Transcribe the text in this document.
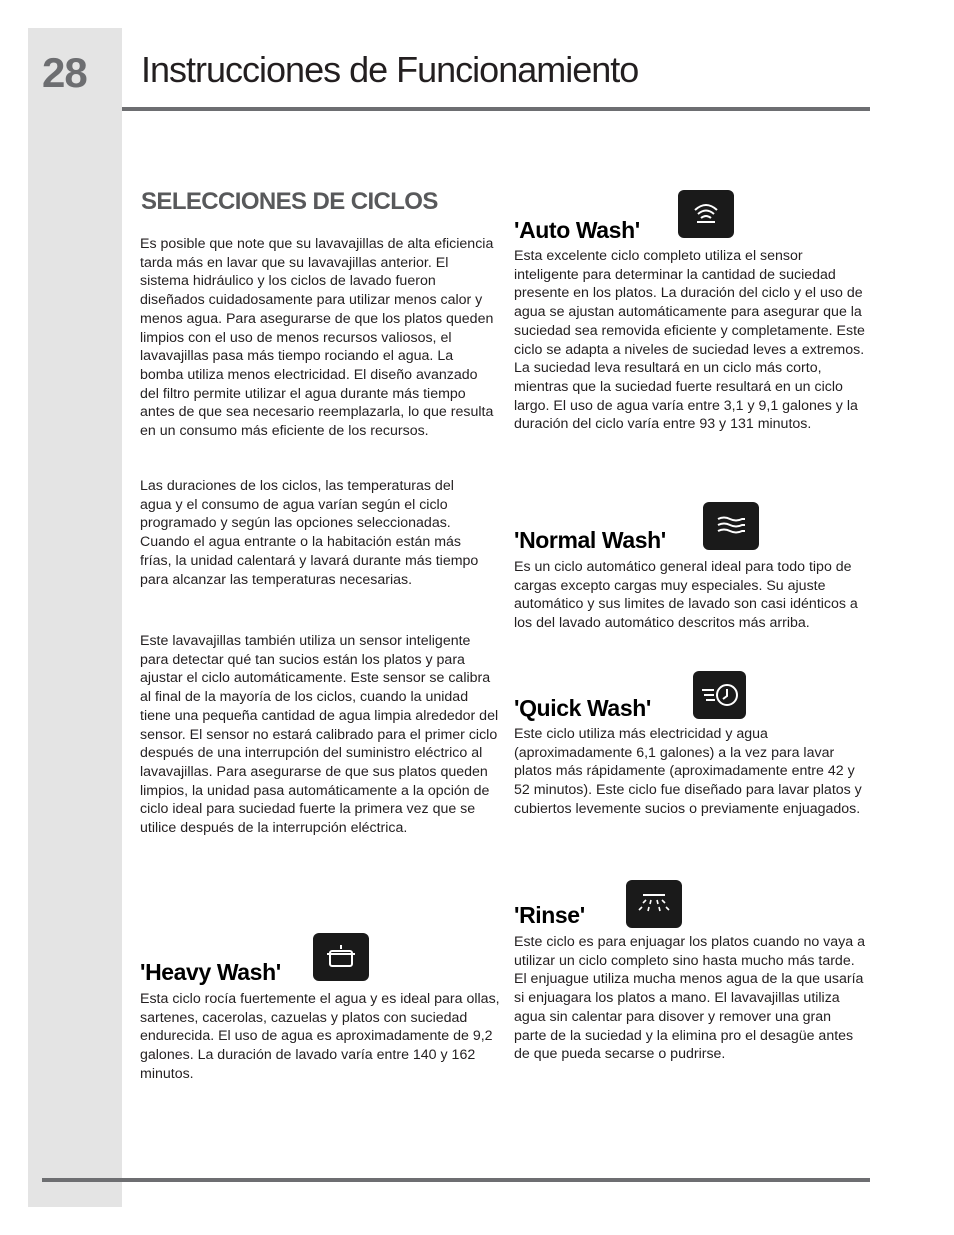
28 Instrucciones de Funcionamiento
SELECCIONES DE CICLOS

Es posible que note que su lavavajillas de alta eficiencia tarda más en lavar que su lavavajillas anterior. El sistema hidráulico y los ciclos de lavado fueron diseñados cuidadosamente para utilizar menos calor y menos agua. Para asegurarse de que los platos queden limpios con el uso de menos recursos valiosos, el lavavajillas pasa más tiempo rociando el agua. La bomba utiliza menos electricidad. El diseño avanzado del filtro permite utilizar el agua durante más tiempo antes de que sea necesario reemplazarla, lo que resulta en un consumo más eficiente de los recursos.

Las duraciones de los ciclos, las temperaturas del agua y el consumo de agua varían según el ciclo programado y según las opciones seleccionadas. Cuando el agua entrante o la habitación están más frías, la unidad calentará y lavará durante más tiempo para alcanzar las temperaturas necesarias.

Este lavavajillas también utiliza un sensor inteligente para detectar qué tan sucios están los platos y para ajustar el ciclo automáticamente. Este sensor se calibra al final de la mayoría de los ciclos, cuando la unidad tiene una pequeña cantidad de agua limpia alrededor del sensor. El sensor no estará calibrado para el primer ciclo después de una interrupción del suministro eléctrico al lavavajillas. Para asegurarse de que sus platos queden limpios, la unidad pasa automáticamente a la opción de ciclo ideal para suciedad fuerte la primera vez que se utilice después de la interrupción eléctrica.

'Heavy Wash'

Esta ciclo rocía fuertemente el agua y es ideal para ollas, sartenes, cacerolas, cazuelas y platos con suciedad endurecida. El uso de agua es aproximadamente de 9,2 galones. La duración de lavado varía entre 140 y 162 minutos.

'Auto Wash'

Esta excelente ciclo completo utiliza el sensor inteligente para determinar la cantidad de suciedad presente en los platos. La duración del ciclo y el uso de agua se ajustan automáticamente para asegurar que la suciedad sea removida eficiente y completamente. Este ciclo se adapta a niveles de suciedad leves a extremos. La suciedad leva resultará en un ciclo más corto, mientras que la suciedad fuerte resultará en un ciclo largo. El uso de agua varía entre 3,1 y 9,1 galones y la duración del ciclo varía entre 93 y 131 minutos.

'Normal Wash'

Es un ciclo automático general ideal para todo tipo de cargas excepto cargas muy especiales. Su ajuste automático y sus limites de lavado son casi idénticos a los del lavado automático descritos más arriba.

'Quick Wash'

Este ciclo utiliza más electricidad y agua (aproximadamente 6,1 galones) a la vez para lavar platos más rápidamente (aproximadamente entre 42 y 52 minutos). Este ciclo fue diseñado para lavar platos y cubiertos levemente sucios o previamente enjuagados.

'Rinse'

Este ciclo es para enjuagar los platos cuando no vaya a utilizar un ciclo completo sino hasta mucho más tarde. El enjuague utiliza mucha menos agua de la que usaría si enjuagara los platos a mano. El lavavajillas utiliza agua sin calentar para disover y remover una gran parte de la suciedad y la elimina pro el desagüe antes de que pueda secarse o pudrirse.
